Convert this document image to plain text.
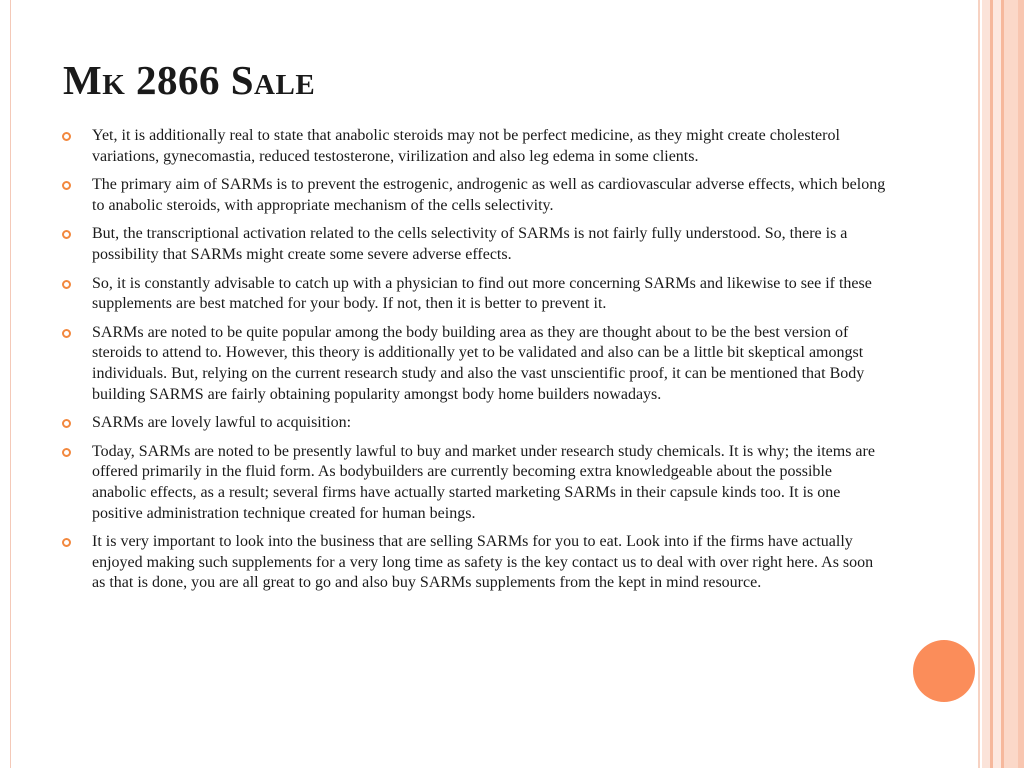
Mk 2866 Sale
Yet, it is additionally real to state that anabolic steroids may not be perfect medicine, as they might create cholesterol variations, gynecomastia, reduced testosterone, virilization and also leg edema in some clients.
The primary aim of SARMs is to prevent the estrogenic, androgenic as well as cardiovascular adverse effects, which belong to anabolic steroids, with appropriate mechanism of the cells selectivity.
But, the transcriptional activation related to the cells selectivity of SARMs is not fairly fully understood. So, there is a possibility that SARMs might create some severe adverse effects.
So, it is constantly advisable to catch up with a physician to find out more concerning SARMs and likewise to see if these supplements are best matched for your body. If not, then it is better to prevent it.
SARMs are noted to be quite popular among the body building area as they are thought about to be the best version of steroids to attend to. However, this theory is additionally yet to be validated and also can be a little bit skeptical amongst individuals. But, relying on the current research study and also the vast unscientific proof, it can be mentioned that Body building SARMS are fairly obtaining popularity amongst body home builders nowadays.
SARMs are lovely lawful to acquisition:
Today, SARMs are noted to be presently lawful to buy and market under research study chemicals. It is why; the items are offered primarily in the fluid form. As bodybuilders are currently becoming extra knowledgeable about the possible anabolic effects, as a result; several firms have actually started marketing SARMs in their capsule kinds too. It is one positive administration technique created for human beings.
It is very important to look into the business that are selling SARMs for you to eat. Look into if the firms have actually enjoyed making such supplements for a very long time as safety is the key contact us to deal with over right here. As soon as that is done, you are all great to go and also buy SARMs supplements from the kept in mind resource.
